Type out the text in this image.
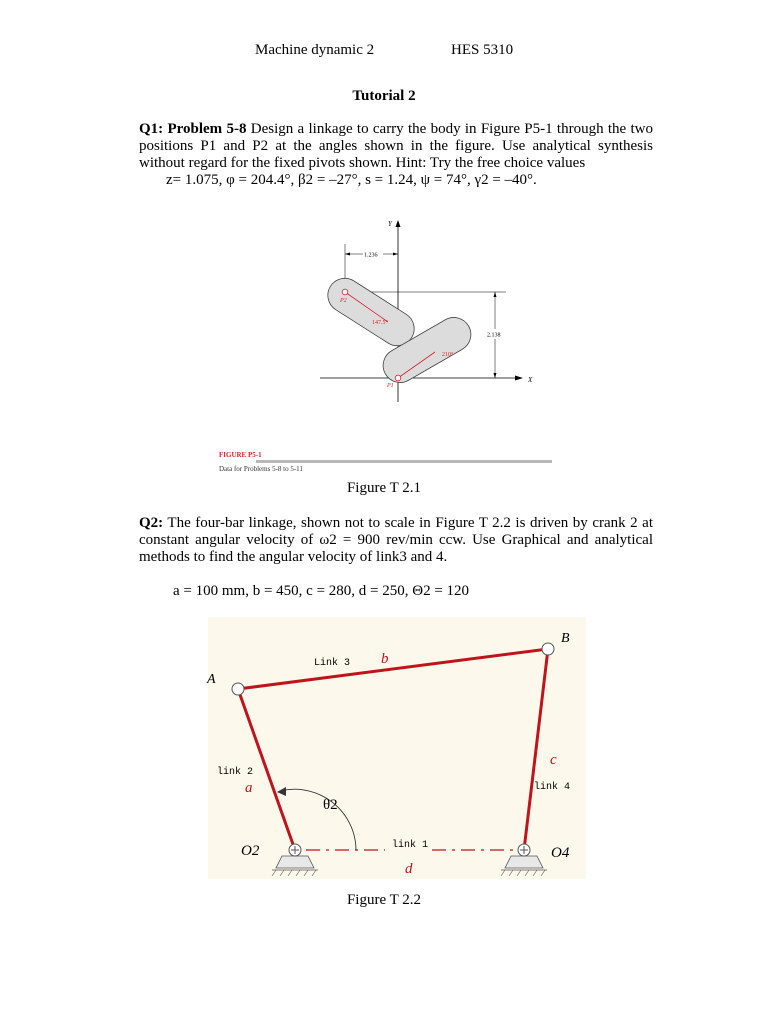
Machine dynamic 2	HES 5310
Tutorial 2
Q1: Problem 5-8 Design a linkage to carry the body in Figure P5-1 through the two positions P1 and P2 at the angles shown in the figure. Use analytical synthesis without regard for the fixed pivots shown. Hint: Try the free choice values
z= 1.075, φ = 204.4°, β2 = –27°, s = 1.24, ψ = 74°, γ2 = –40°.
Y
X
1.236
2.138
P2
147.5°
P1
210°
FIGURE P5-1
Data for Problems 5-8 to 5-11
Figure T 2.1
Q2: The four-bar linkage, shown not to scale in Figure T 2.2 is driven by crank 2 at constant angular velocity of ω2 = 900 rev/min ccw. Use Graphical and analytical methods to find the angular velocity of link3 and 4.
a = 100 mm, b = 450, c = 280, d = 250, Θ2 = 120
A
B
O2	O4
Link 3
link 2
link 4
link 1
b
a
c
d
θ2
Figure T 2.2
